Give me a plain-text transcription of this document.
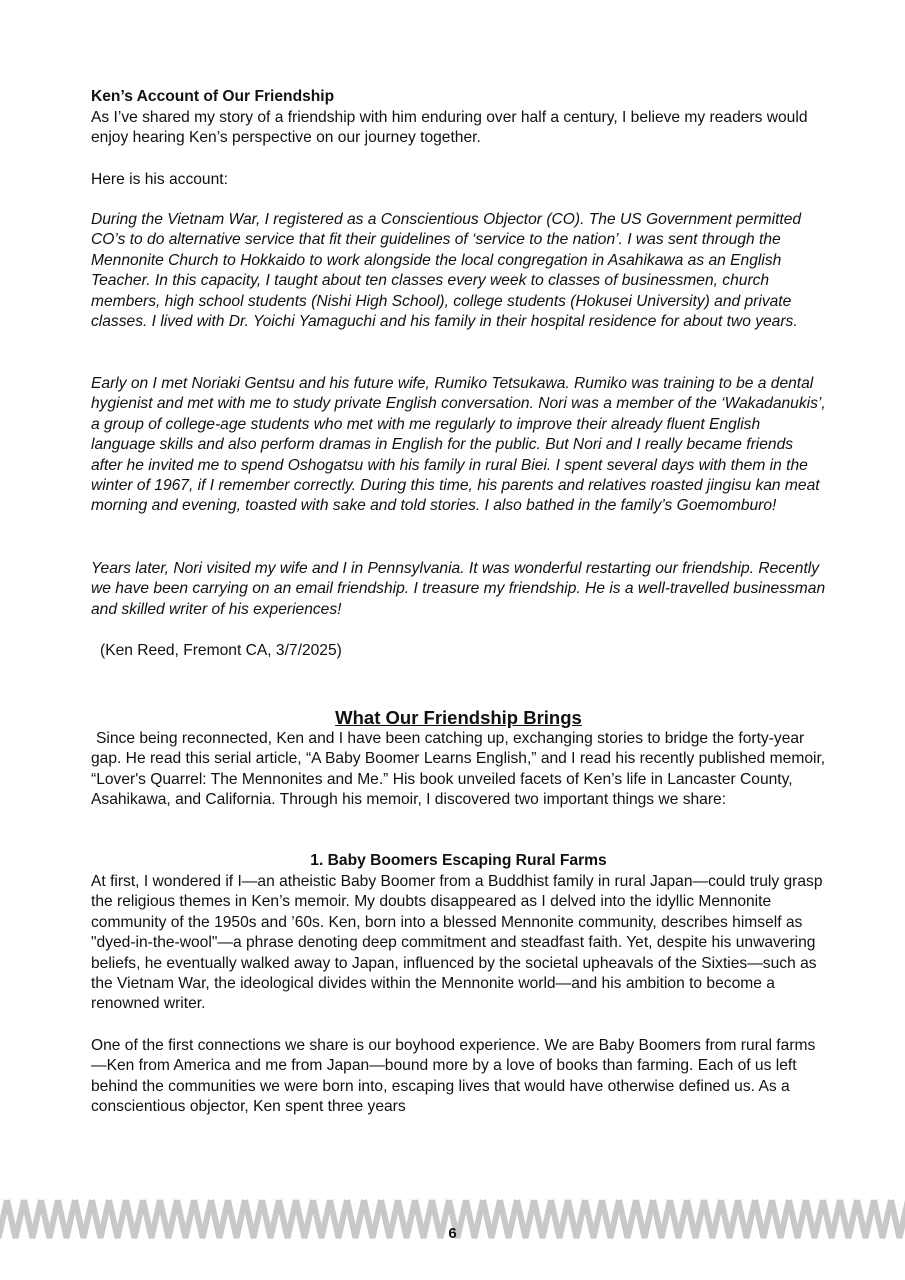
Ken’s Account of Our Friendship

As I’ve shared my story of a friendship with him enduring over half a century, I believe my readers would enjoy hearing Ken’s perspective on our journey together.

Here is his account:

During the Vietnam War, I registered as a Conscientious Objector (CO). The US Government permitted CO’s to do alternative service that fit their guidelines of ‘service to the nation’. I was sent through the Mennonite Church to Hokkaido to work alongside the local congregation in Asahikawa as an English Teacher. In this capacity, I taught about ten classes every week to classes of businessmen, church members, high school students (Nishi High School), college students (Hokusei University) and private classes. I lived with Dr. Yoichi Yamaguchi and his family in their hospital residence for about two years.

Early on I met Noriaki Gentsu and his future wife, Rumiko Tetsukawa. Rumiko was training to be a dental hygienist and met with me to study private English conversation. Nori was a member of the ‘Wakadanukis’, a group of college-age students who met with me regularly to improve their already fluent English language skills and also perform dramas in English for the public. But Nori and I really became friends after he invited me to spend Oshogatsu with his family in rural Biei. I spent several days with them in the winter of 1967, if I remember correctly. During this time, his parents and relatives roasted jingisu kan meat morning and evening, toasted with sake and told stories. I also bathed in the family’s Goemomburo!

Years later, Nori visited my wife and I in Pennsylvania. It was wonderful restarting our friendship. Recently we have been carrying on an email friendship. I treasure my friendship. He is a well-travelled businessman and skilled writer of his experiences!

(Ken Reed, Fremont CA, 3/7/2025)

What Our Friendship Brings

Since being reconnected, Ken and I have been catching up, exchanging stories to bridge the forty-year gap. He read this serial article, “A Baby Boomer Learns English,” and I read his recently published memoir, “Lover's Quarrel: The Mennonites and Me.” His book unveiled facets of Ken’s life in Lancaster County, Asahikawa, and California. Through his memoir, I discovered two important things we share:

1. Baby Boomers Escaping Rural Farms

At first, I wondered if I—an atheistic Baby Boomer from a Buddhist family in rural Japan—could truly grasp the religious themes in Ken’s memoir. My doubts disappeared as I delved into the idyllic Mennonite community of the 1950s and ’60s. Ken, born into a blessed Mennonite community, describes himself as "dyed-in-the-wool"—a phrase denoting deep commitment and steadfast faith. Yet, despite his unwavering beliefs, he eventually walked away to Japan, influenced by the societal upheavals of the Sixties—such as the Vietnam War, the ideological divides within the Mennonite world—and his ambition to become a renowned writer.

One of the first connections we share is our boyhood experience. We are Baby Boomers from rural farms—Ken from America and me from Japan—bound more by a love of books than farming. Each of us left behind the communities we were born into, escaping lives that would have otherwise defined us. As a conscientious objector, Ken spent three years

6
